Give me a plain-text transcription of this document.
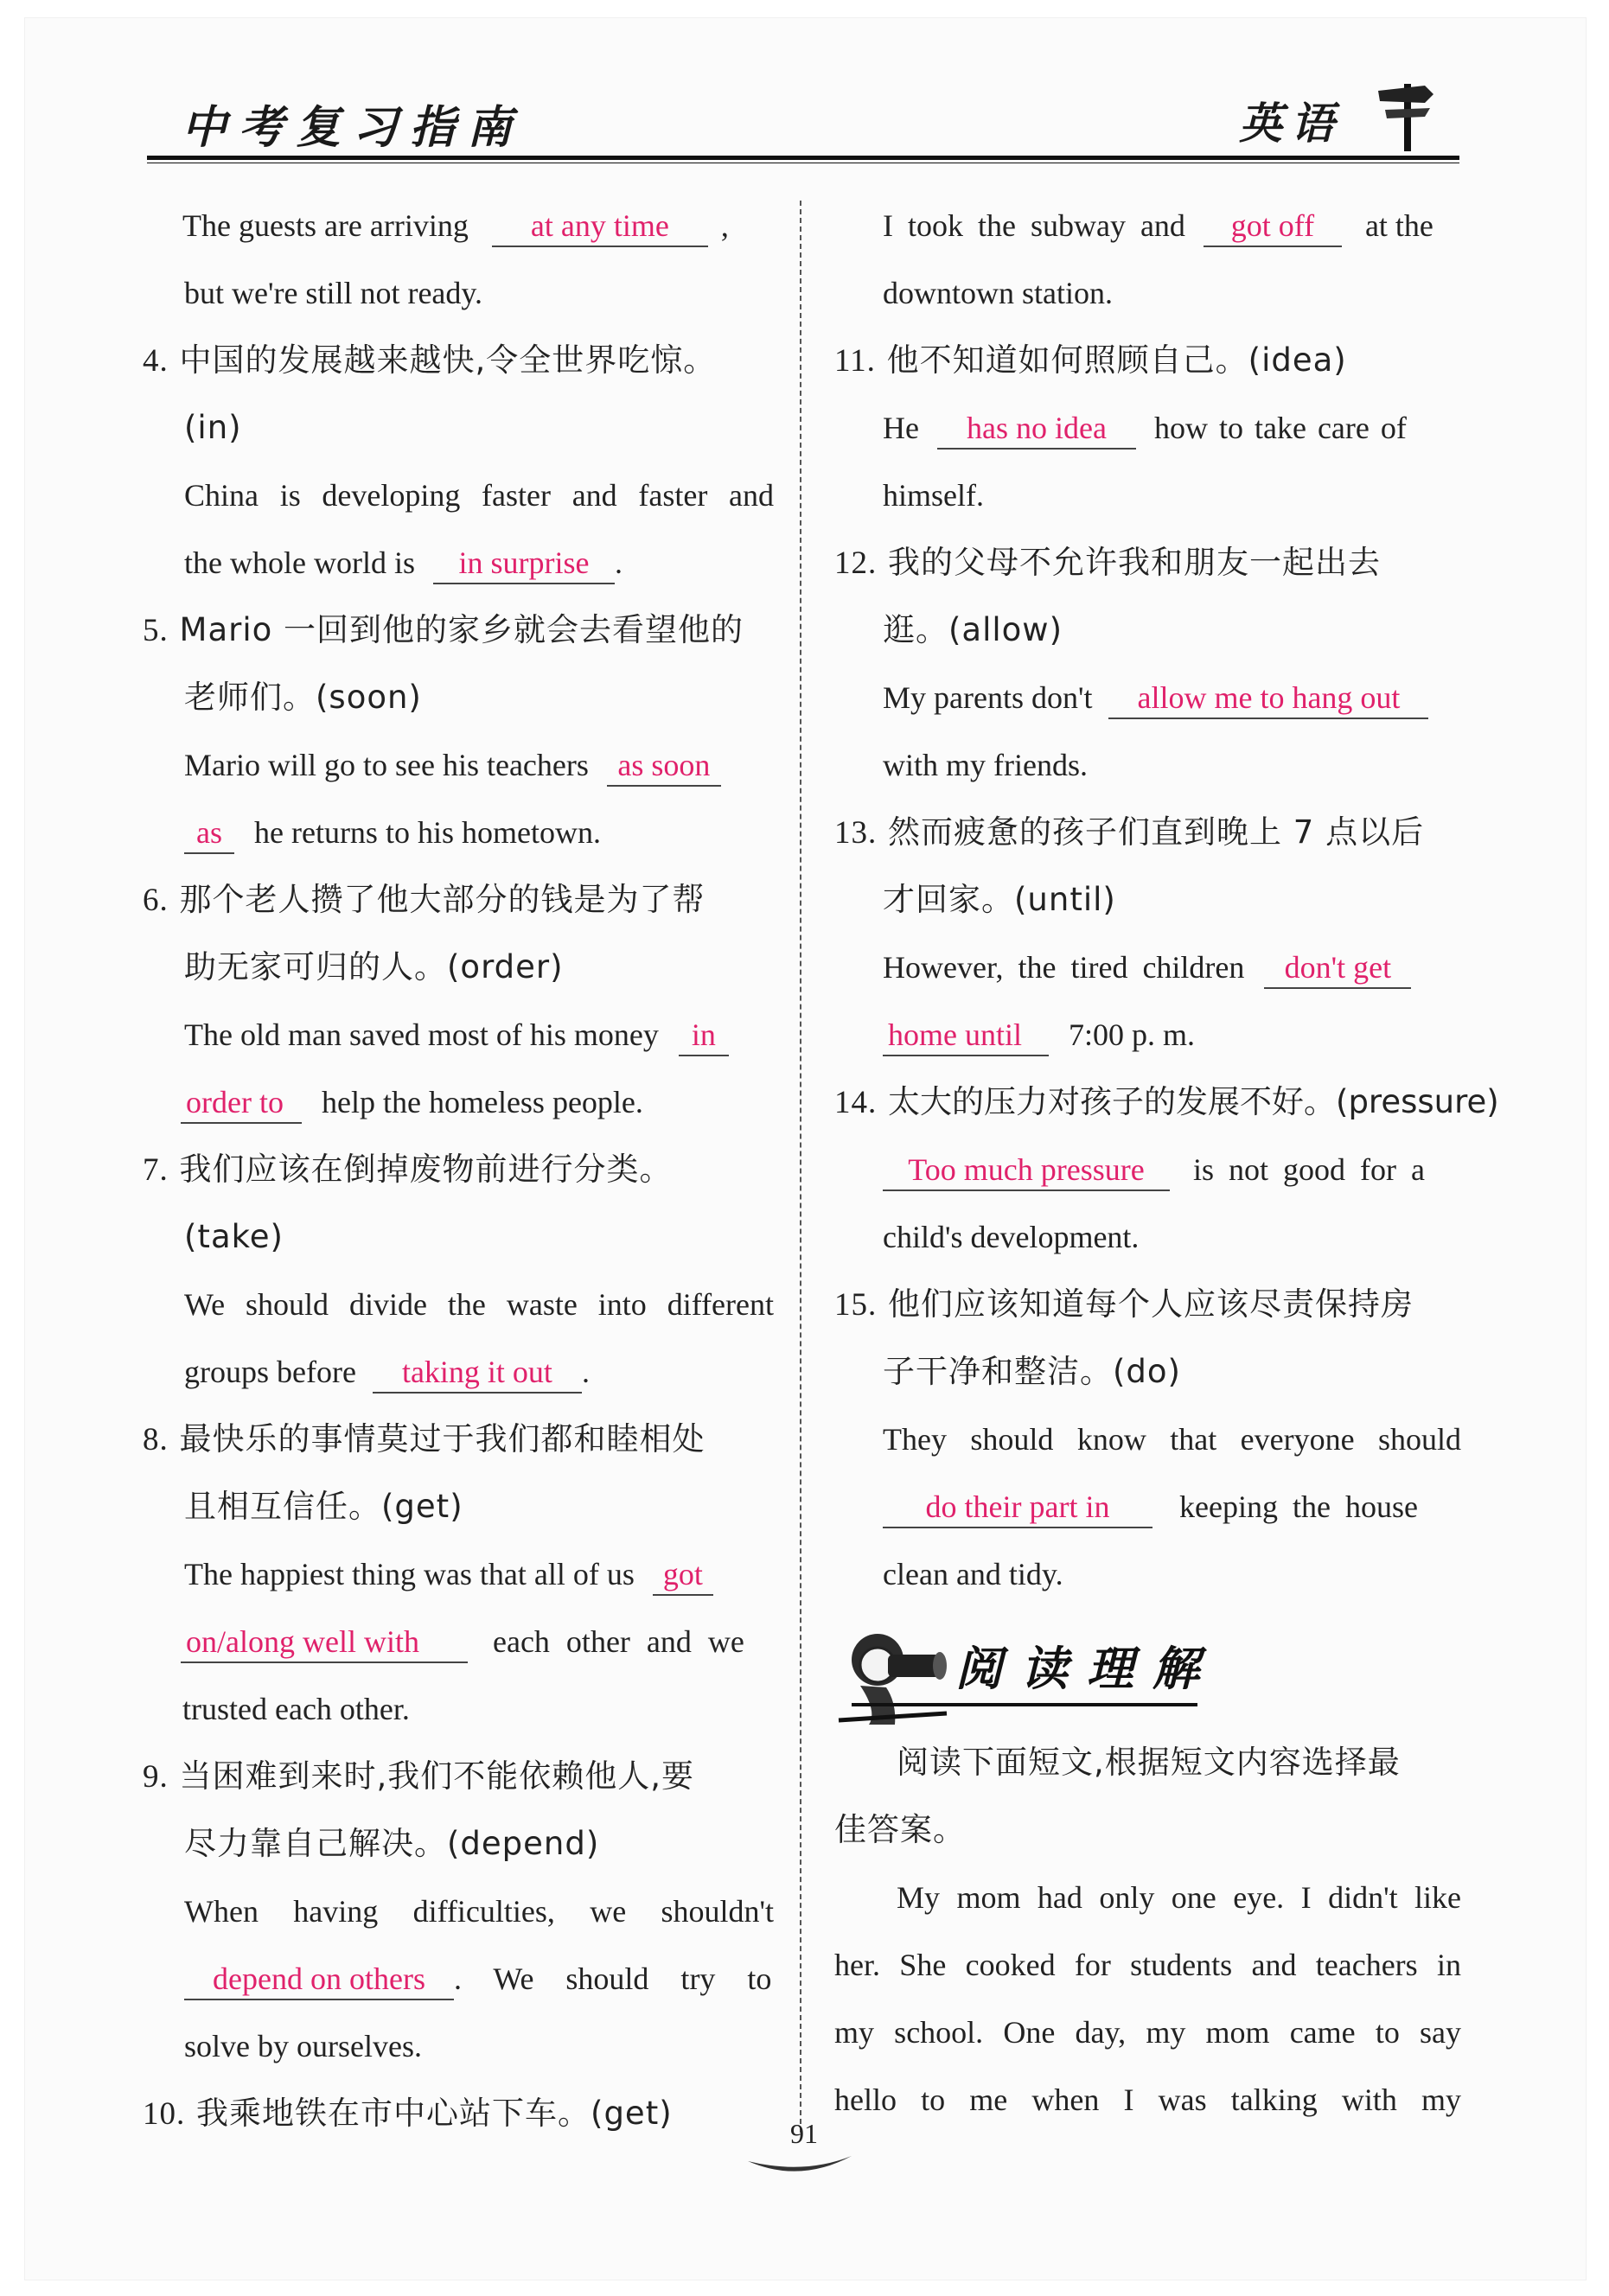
中考复习指南	英语
The guests are arriving at any time ,
but we're still not ready.
4. 中国的发展越来越快,令全世界吃惊。
(in)
China is developing faster and faster and
the whole world is in surprise .
5. Mario 一回到他的家乡就会去看望他的
老师们。(soon)
Mario will go to see his teachers as soon
as he returns to his hometown.
6. 那个老人攒了他大部分的钱是为了帮
助无家可归的人。(order)
The old man saved most of his money in
order to help the homeless people.
7. 我们应该在倒掉废物前进行分类。
(take)
We should divide the waste into different
groups before taking it out .
8. 最快乐的事情莫过于我们都和睦相处
且相互信任。(get)
The happiest thing was that all of us got
on/along well with each other and we
trusted each other.
9. 当困难到来时,我们不能依赖他人,要
尽力靠自己解决。(depend)
When having difficulties, we shouldn't
depend on others . We should try to
solve by ourselves.
10. 我乘地铁在市中心站下车。(get)
I took the subway and got off at the
downtown station.
11. 他不知道如何照顾自己。(idea)
He has no idea how to take care of
himself.
12. 我的父母不允许我和朋友一起出去
逛。(allow)
My parents don't allow me to hang out
with my friends.
13. 然而疲惫的孩子们直到晚上 7 点以后
才回家。(until)
However, the tired children don't get
home until 7:00 p. m.
14. 太大的压力对孩子的发展不好。(pressure)
Too much pressure is not good for a
child's development.
15. 他们应该知道每个人应该尽责保持房
子干净和整洁。(do)
They should know that everyone should
do their part in keeping the house
clean and tidy.
阅读理解
阅读下面短文,根据短文内容选择最
佳答案。
My mom had only one eye. I didn't like
her. She cooked for students and teachers in
my school. One day, my mom came to say
hello to me when I was talking with my
91
